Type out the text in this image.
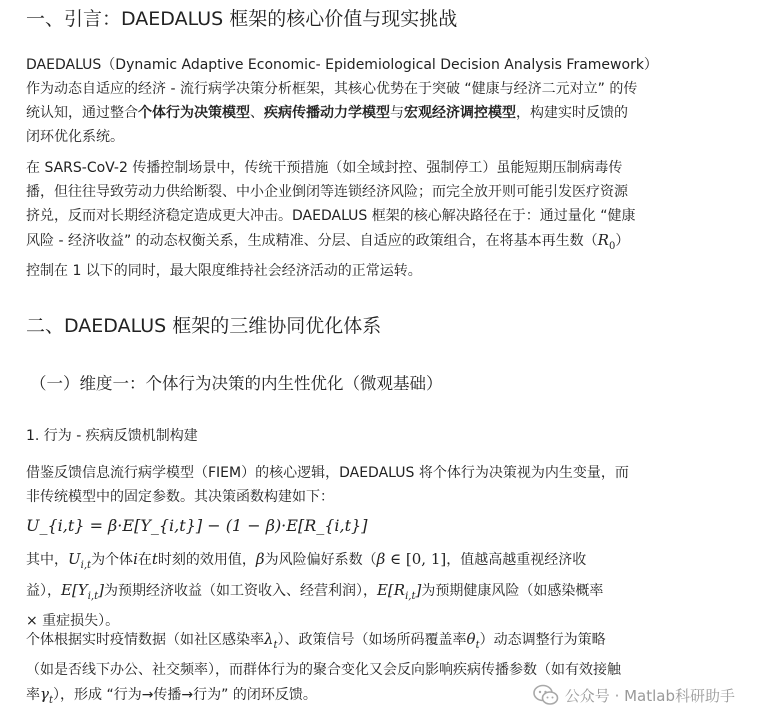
一、引言：DAEDALUS 框架的核心价值与现实挑战

DAEDALUS（Dynamic Adaptive Economic- Epidemiological Decision Analysis Framework）
作为动态自适应的经济 - 流行病学决策分析框架，其核心优势在于突破 “健康与经济二元对立” 的传
统认知，通过整合个体行为决策模型、疾病传播动力学模型与宏观经济调控模型，构建实时反馈的
闭环优化系统。

在 SARS-CoV-2 传播控制场景中，传统干预措施（如全域封控、强制停工）虽能短期压制病毒传
播，但往往导致劳动力供给断裂、中小企业倒闭等连锁经济风险；而完全放开则可能引发医疗资源
挤兑，反而对长期经济稳定造成更大冲击。DAEDALUS 框架的核心解决路径在于：通过量化 “健康
风险 - 经济收益” 的动态权衡关系，生成精准、分层、自适应的政策组合，在将基本再生数$(R_0)$
控制在 1 以下的同时，最大限度维持社会经济活动的正常运转。

二、DAEDALUS 框架的三维协同优化体系
（一）维度一：个体行为决策的内生性优化（微观基础）
1. 行为 - 疾病反馈机制构建

借鉴反馈信息流行病学模型（FIEM）的核心逻辑，DAEDALUS 将个体行为决策视为内生变量，而
非传统模型中的固定参数。其决策函数构建如下：

U_{i,t} = β·E[Y_{i,t}] − (1 − β)·E[R_{i,t}]

其中，$U_{i,t}$为个体i在t时刻的效用值，β为风险偏好系数（β ∈ [0, 1]，值越高越重视经济收
益），$E[Y_{i,t}]$为预期经济收益（如工资收入、经营利润），$E[R_{i,t}]$为预期健康风险（如感染概率
× 重症损失）。

个体根据实时疫情数据（如社区感染率$\lambda_t$）、政策信号（如场所码覆盖率$\theta_t$）动态调整行为策略
（如是否线下办公、社交频率），而群体行为的聚合变化又会反向影响疾病传播参数（如有效接触
率$\gamma_t$），形成 “行为→传播→行为” 的闭环反馈。	公众号 · Matlab科研助手
